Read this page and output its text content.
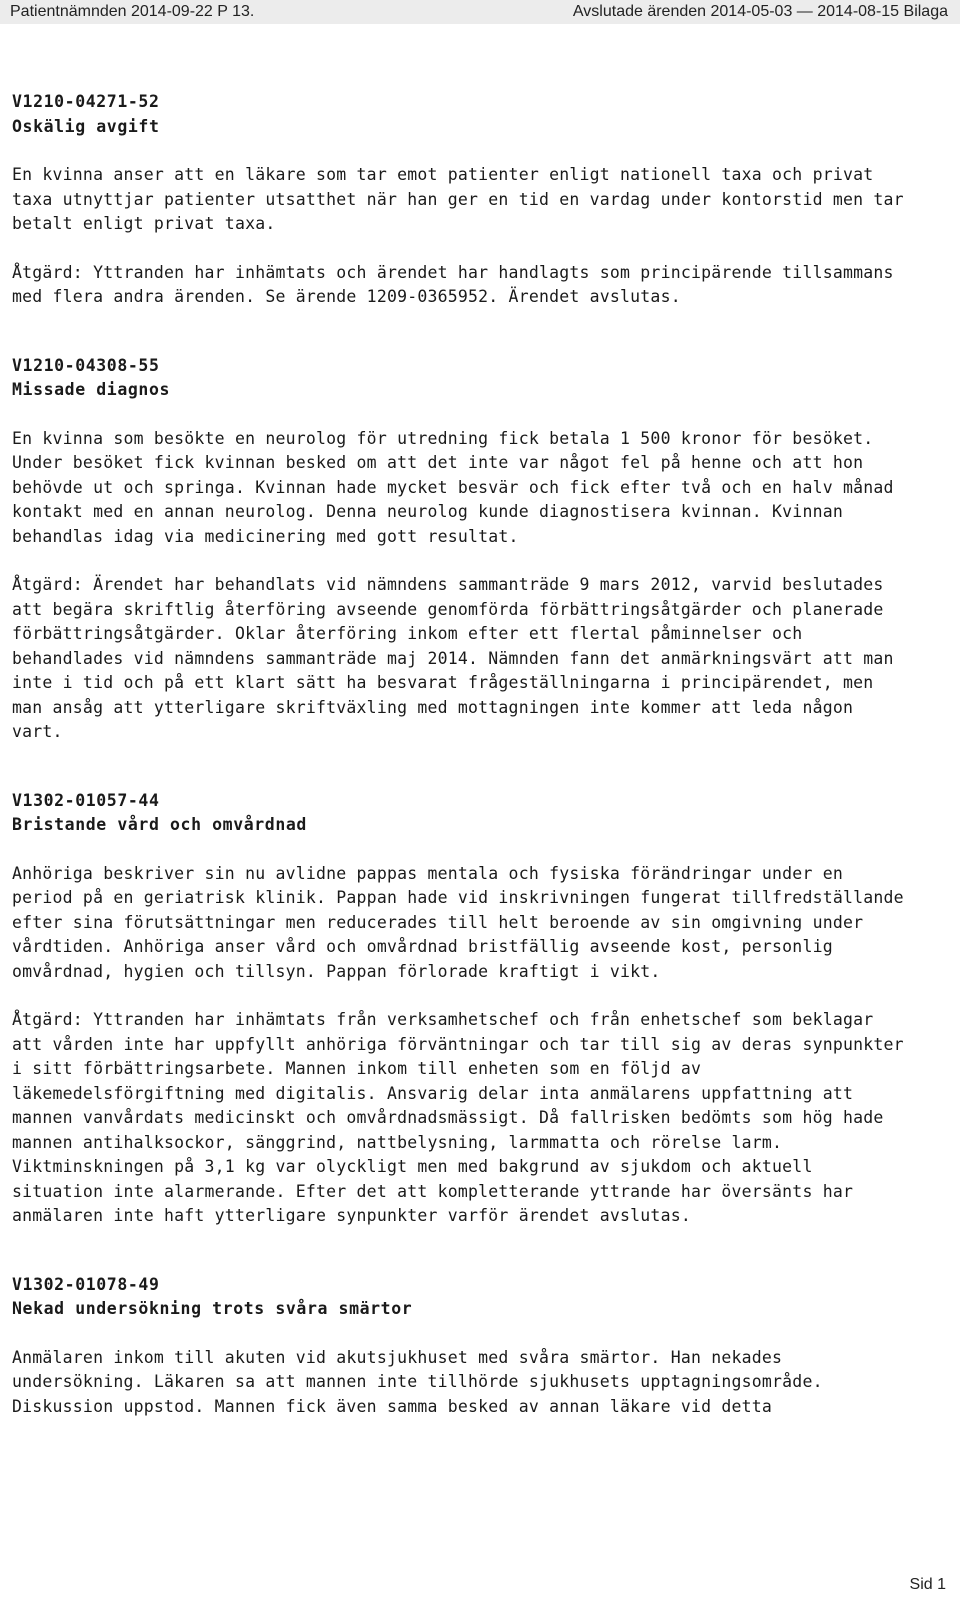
Patientnämnden 2014-09-22 P 13.	Avslutade ärenden 2014-05-03 — 2014-08-15 Bilaga
V1210-04271-52
Oskälig avgift

En kvinna anser att en läkare som tar emot patienter enligt nationell taxa och privat taxa utnyttjar patienter utsatthet när han ger en tid en vardag under kontorstid men tar betalt enligt privat taxa.

Åtgärd: Yttranden har inhämtats och ärendet har handlagts som principärende tillsammans med flera andra ärenden. Se ärende 1209-0365952. Ärendet avslutas.

V1210-04308-55
Missade diagnos

En kvinna som besökte en neurolog för utredning fick betala 1 500 kronor för besöket. Under besöket fick kvinnan besked om att det inte var något fel på henne och att hon behövde ut och springa. Kvinnan hade mycket besvär och fick efter två och en halv månad kontakt med en annan neurolog. Denna neurolog kunde diagnostisera kvinnan. Kvinnan behandlas idag via medicinering med gott resultat.

Åtgärd: Ärendet har behandlats vid nämndens sammanträde 9 mars 2012, varvid beslutades att begära skriftlig återföring avseende genomförda förbättringsåtgärder och planerade förbättringsåtgärder. Oklar återföring inkom efter ett flertal påminnelser och behandlades vid nämndens sammanträde maj 2014. Nämnden fann det anmärkningsvärt att man inte i tid och på ett klart sätt ha besvarat frågeställningarna i principärendet, men man ansåg att ytterligare skriftväxling med mottagningen inte kommer att leda någon vart.

V1302-01057-44
Bristande vård och omvårdnad

Anhöriga beskriver sin nu avlidne pappas mentala och fysiska förändringar under en period på en geriatrisk klinik. Pappan hade vid inskrivningen fungerat tillfredställande efter sina förutsättningar men reducerades till helt beroende av sin omgivning under vårdtiden. Anhöriga anser vård och omvårdnad bristfällig avseende kost, personlig omvårdnad, hygien och tillsyn. Pappan förlorade kraftigt i vikt.

Åtgärd: Yttranden har inhämtats från verksamhetschef och från enhetschef som beklagar att vården inte har uppfyllt anhöriga förväntningar och tar till sig av deras synpunkter i sitt förbättringsarbete. Mannen inkom till enheten som en följd av läkemedelsförgiftning med digitalis. Ansvarig delar inta anmälarens uppfattning att mannen vanvårdats medicinskt och omvårdnadsmässigt. Då fallrisken bedömts som hög hade mannen antihalksockor, sänggrind, nattbelysning, larmmatta och rörelse larm. Viktminskningen på 3,1 kg var olyckligt men med bakgrund av sjukdom och aktuell situation inte alarmerande. Efter det att kompletterande yttrande har översänts har anmälaren inte haft ytterligare synpunkter varför ärendet avslutas.

V1302-01078-49
Nekad undersökning trots svåra smärtor

Anmälaren inkom till akuten vid akutsjukhuset med svåra smärtor. Han nekades undersökning. Läkaren sa att mannen inte tillhörde sjukhusets upptagningsområde. Diskussion uppstod. Mannen fick även samma besked av annan läkare vid detta

Sid 1
